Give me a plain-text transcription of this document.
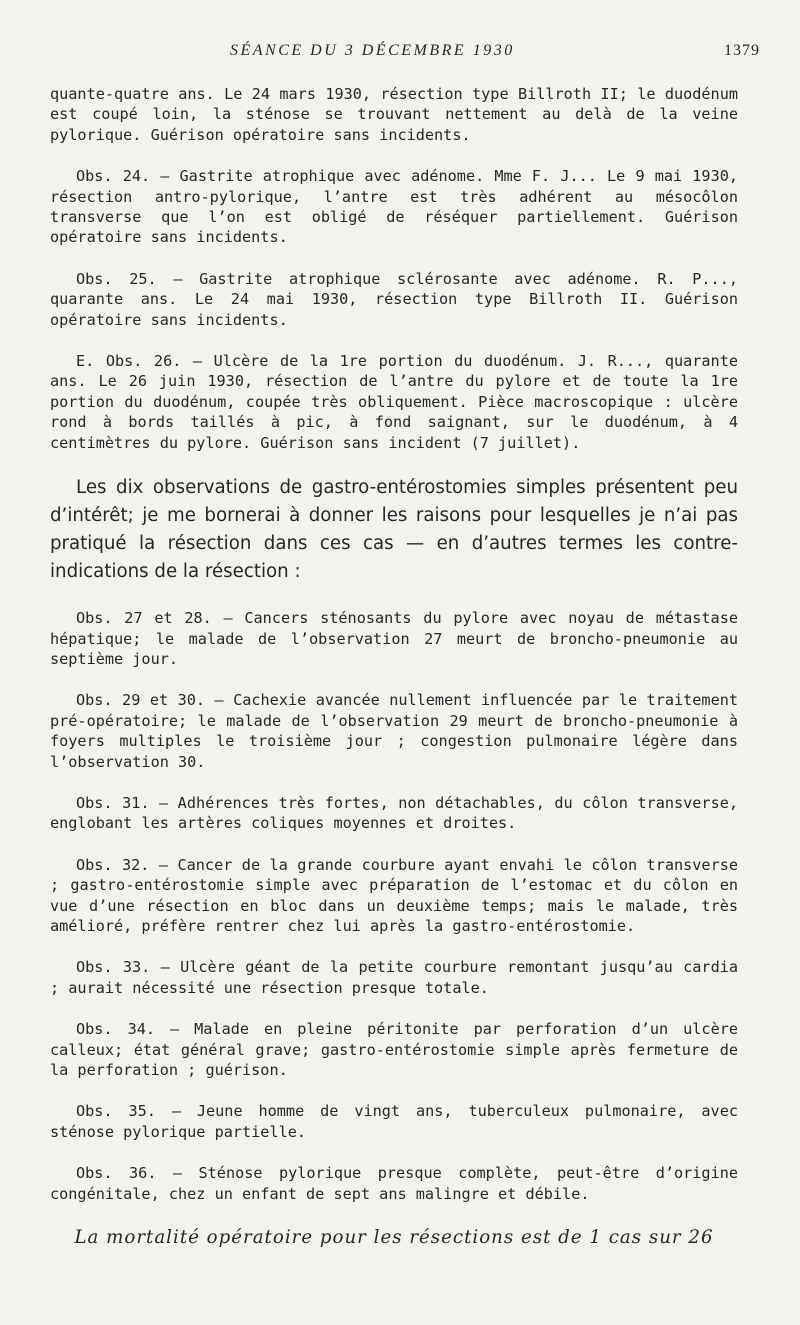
SÉANCE DU 3 DÉCEMBRE 1930	1379

quante-quatre ans. Le 24 mars 1930, résection type Billroth II; le duodénum est coupé loin, la sténose se trouvant nettement au delà de la veine pylorique. Guérison opératoire sans incidents.

Obs. 24. — Gastrite atrophique avec adénome. Mme F. J... Le 9 mai 1930, résection antro-pylorique, l’antre est très adhérent au mésocôlon transverse que l’on est obligé de réséquer partiellement. Guérison opératoire sans incidents.

Obs. 25. — Gastrite atrophique sclérosante avec adénome. R. P..., quarante ans. Le 24 mai 1930, résection type Billroth II. Guérison opératoire sans incidents.

E. Obs. 26. — Ulcère de la 1re portion du duodénum. J. R..., quarante ans. Le 26 juin 1930, résection de l’antre du pylore et de toute la 1re portion du duodénum, coupée très obliquement. Pièce macroscopique : ulcère rond à bords taillés à pic, à fond saignant, sur le duodénum, à 4 centimètres du pylore. Guérison sans incident (7 juillet).

Les dix observations de gastro-entérostomies simples présentent peu d’intérêt; je me bornerai à donner les raisons pour lesquelles je n’ai pas pratiqué la résection dans ces cas — en d’autres termes les contre-indications de la résection :

Obs. 27 et 28. — Cancers sténosants du pylore avec noyau de métastase hépatique; le malade de l’observation 27 meurt de broncho-pneumonie au septième jour.

Obs. 29 et 30. — Cachexie avancée nullement influencée par le traitement pré-opératoire; le malade de l’observation 29 meurt de broncho-pneumonie à foyers multiples le troisième jour ; congestion pulmonaire légère dans l’observation 30.

Obs. 31. — Adhérences très fortes, non détachables, du côlon transverse, englobant les artères coliques moyennes et droites.

Obs. 32. — Cancer de la grande courbure ayant envahi le côlon transverse ; gastro-entérostomie simple avec préparation de l’estomac et du côlon en vue d’une résection en bloc dans un deuxième temps; mais le malade, très amélioré, préfère rentrer chez lui après la gastro-entérostomie.

Obs. 33. — Ulcère géant de la petite courbure remontant jusqu’au cardia ; aurait nécessité une résection presque totale.

Obs. 34. — Malade en pleine péritonite par perforation d’un ulcère calleux; état général grave; gastro-entérostomie simple après fermeture de la perforation ; guérison.

Obs. 35. — Jeune homme de vingt ans, tuberculeux pulmonaire, avec sténose pylorique partielle.

Obs. 36. — Sténose pylorique presque complète, peut-être d’origine congénitale, chez un enfant de sept ans malingre et débile.

La mortalité opératoire pour les résections est de 1 cas sur 26
